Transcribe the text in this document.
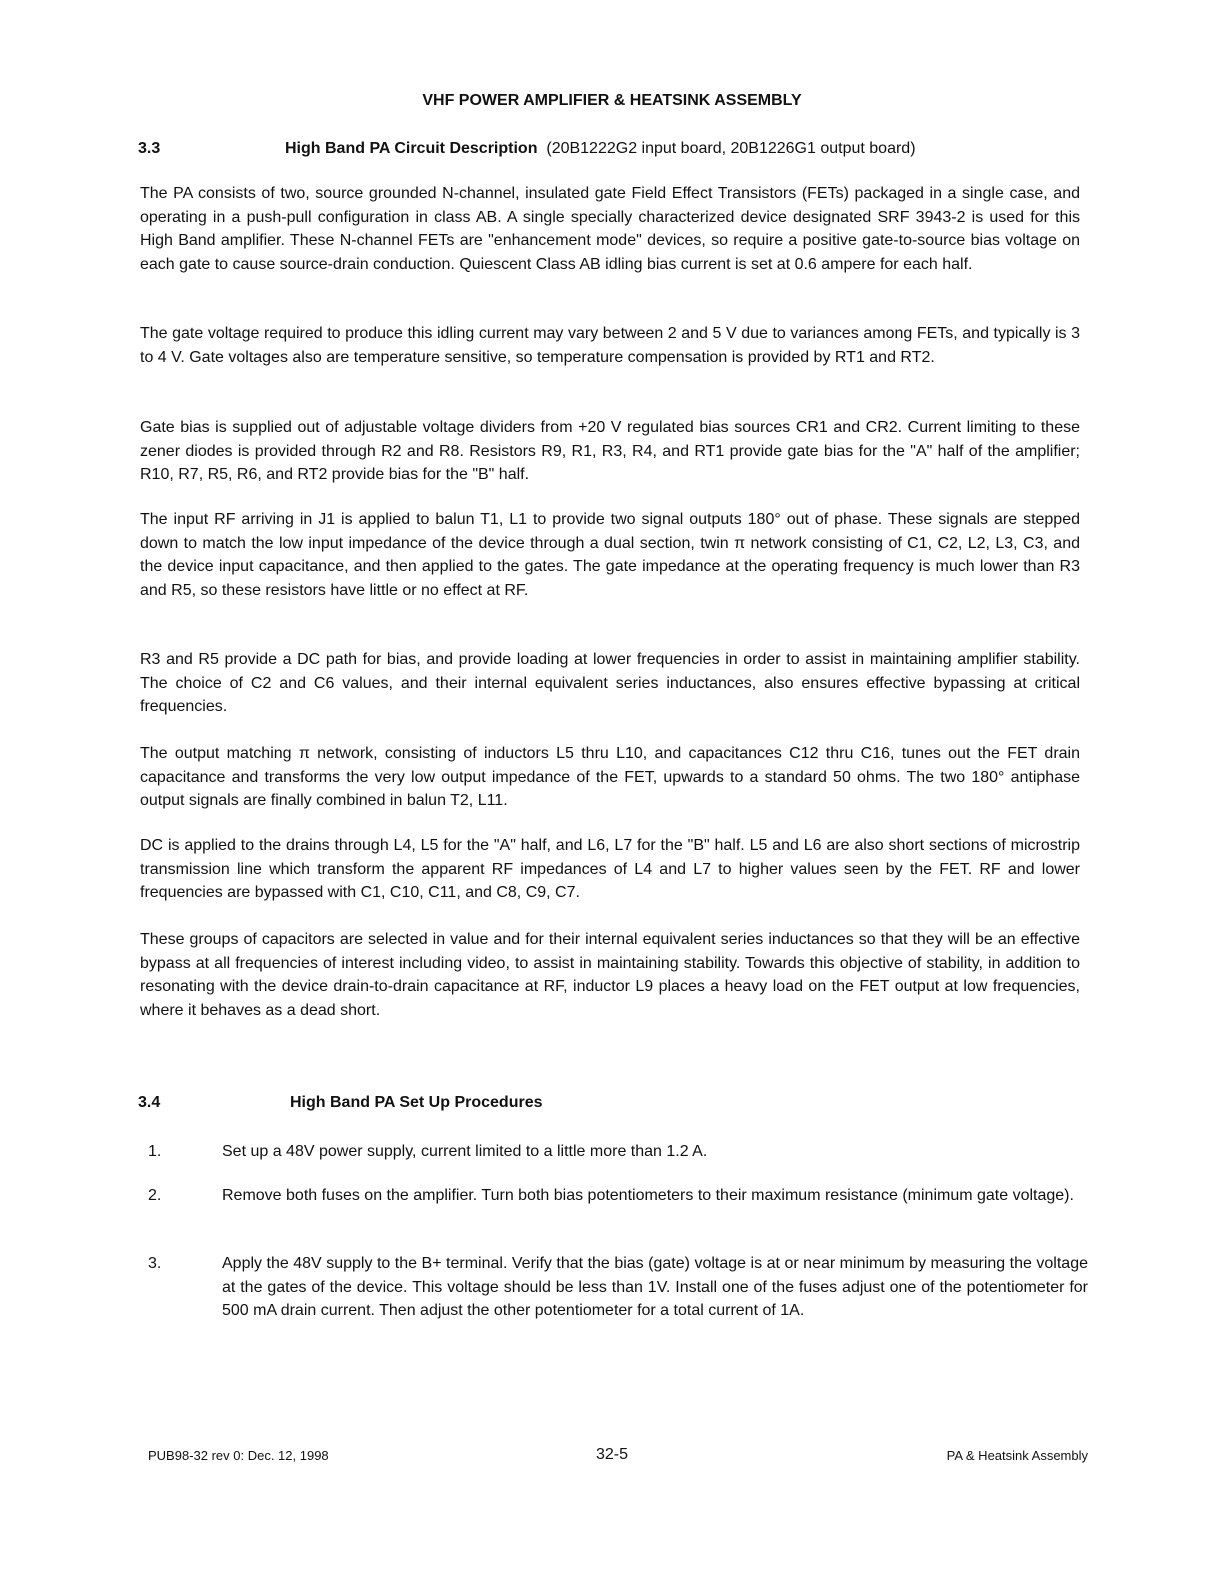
VHF POWER AMPLIFIER & HEATSINK ASSEMBLY
3.3	High Band PA Circuit Description (20B1222G2 input board, 20B1226G1 output board)
The PA consists of two, source grounded N-channel, insulated gate Field Effect Transistors (FETs) packaged in a single case, and operating in a push-pull configuration in class AB. A single specially characterized device designated SRF 3943-2 is used for this High Band amplifier. These N-channel FETs are "enhancement mode" devices, so require a positive gate-to-source bias voltage on each gate to cause source-drain conduction. Quiescent Class AB idling bias current is set at 0.6 ampere for each half.
The gate voltage required to produce this idling current may vary between 2 and 5 V due to variances among FETs, and typically is 3 to 4 V. Gate voltages also are temperature sensitive, so temperature compensation is provided by RT1 and RT2.
Gate bias is supplied out of adjustable voltage dividers from +20 V regulated bias sources CR1 and CR2. Current limiting to these zener diodes is provided through R2 and R8. Resistors R9, R1, R3, R4, and RT1 provide gate bias for the "A" half of the amplifier; R10, R7, R5, R6, and RT2 provide bias for the "B" half.
The input RF arriving in J1 is applied to balun T1, L1 to provide two signal outputs 180° out of phase. These signals are stepped down to match the low input impedance of the device through a dual section, twin π network consisting of C1, C2, L2, L3, C3, and the device input capacitance, and then applied to the gates. The gate impedance at the operating frequency is much lower than R3 and R5, so these resistors have little or no effect at RF.
R3 and R5 provide a DC path for bias, and provide loading at lower frequencies in order to assist in maintaining amplifier stability. The choice of C2 and C6 values, and their internal equivalent series inductances, also ensures effective bypassing at critical frequencies.
The output matching π network, consisting of inductors L5 thru L10, and capacitances C12 thru C16, tunes out the FET drain capacitance and transforms the very low output impedance of the FET, upwards to a standard 50 ohms. The two 180° antiphase output signals are finally combined in balun T2, L11.
DC is applied to the drains through L4, L5 for the "A" half, and L6, L7 for the "B" half. L5 and L6 are also short sections of microstrip transmission line which transform the apparent RF impedances of L4 and L7 to higher values seen by the FET. RF and lower frequencies are bypassed with C1, C10, C11, and C8, C9, C7.
These groups of capacitors are selected in value and for their internal equivalent series inductances so that they will be an effective bypass at all frequencies of interest including video, to assist in maintaining stability. Towards this objective of stability, in addition to resonating with the device drain-to-drain capacitance at RF, inductor L9 places a heavy load on the FET output at low frequencies, where it behaves as a dead short.
3.4	High Band PA Set Up Procedures
1.	Set up a 48V power supply, current limited to a little more than 1.2 A.
2.	Remove both fuses on the amplifier. Turn both bias potentiometers to their maximum resistance (minimum gate voltage).
3.	Apply the 48V supply to the B+ terminal. Verify that the bias (gate) voltage is at or near minimum by measuring the voltage at the gates of the device. This voltage should be less than 1V. Install one of the fuses adjust one of the potentiometer for 500 mA drain current. Then adjust the other potentiometer for a total current of 1A.
PUB98-32 rev 0: Dec. 12, 1998	32-5	PA & Heatsink Assembly
